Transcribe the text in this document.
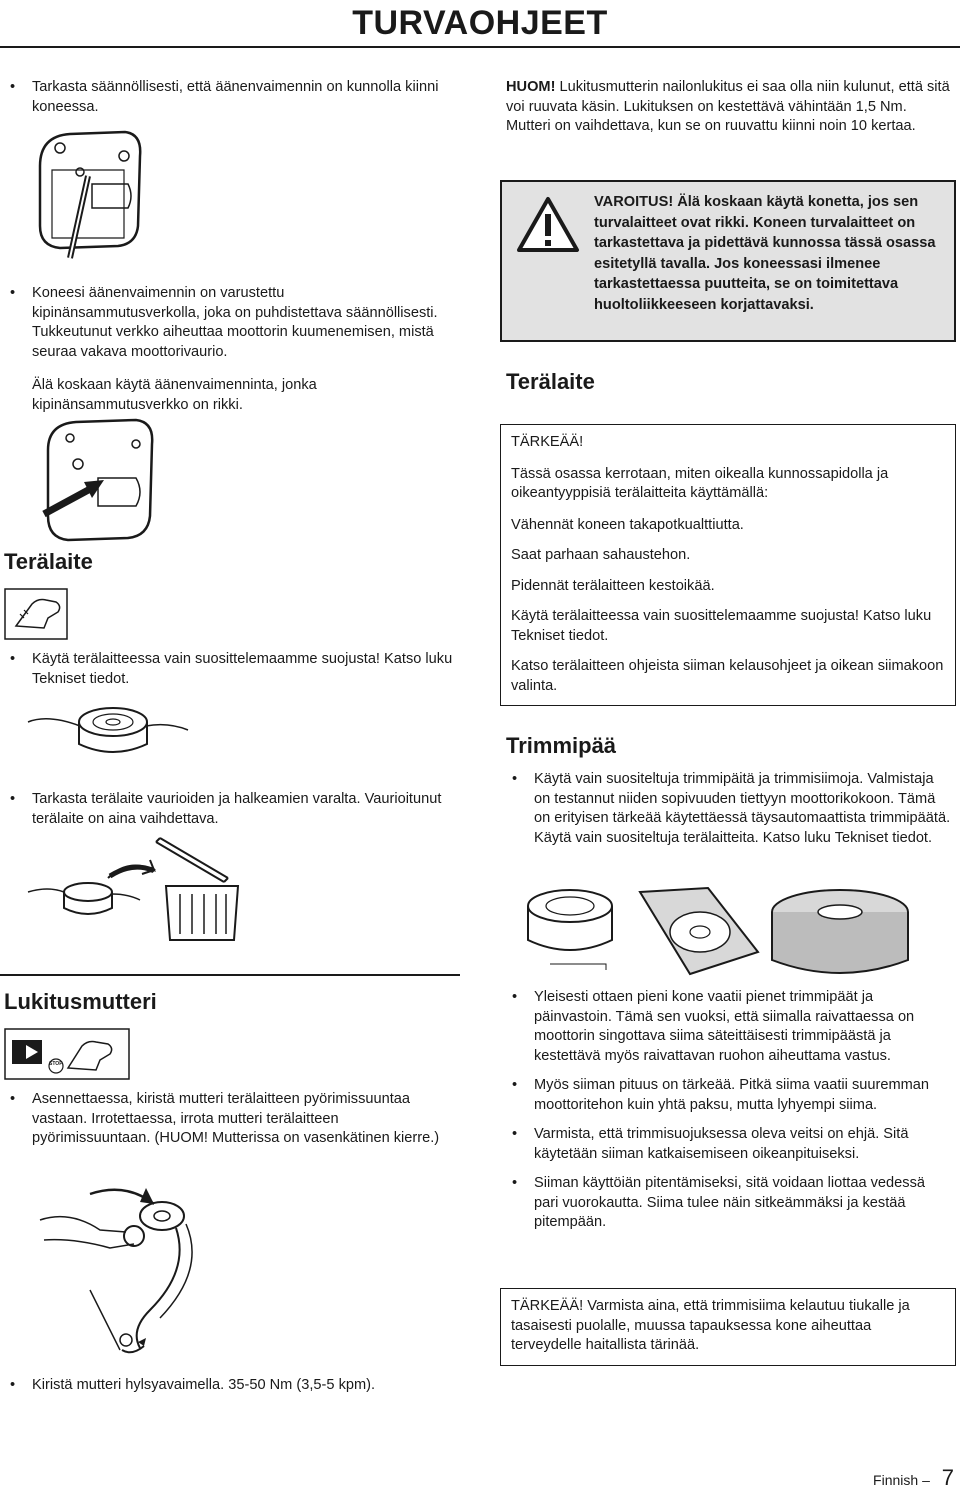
TURVAOHJEET

• Tarkasta säännöllisesti, että äänenvaimennin on kunnolla kiinni koneessa.

• Koneesi äänenvaimennin on varustettu kipinänsammutusverkolla, joka on puhdistettava säännöllisesti. Tukkeutunut verkko aiheuttaa moottorin kuumenemisen, mistä seuraa vakava moottorivaurio.

Älä koskaan käytä äänenvaimenninta, jonka kipinänsammutusverkko on rikki.
Terälaite

• Käytä terälaitteessa vain suosittelemaamme suojusta! Katso luku Tekniset tiedot.

• Tarkasta terälaite vaurioiden ja halkeamien varalta. Vaurioitunut terälaite on aina vaihdettava.

Lukitusmutteri
STOP

• Asennettaessa, kiristä mutteri terälaitteen pyörimissuuntaa vastaan. Irrotettaessa, irrota mutteri terälaitteen pyörimissuuntaan. (HUOM! Mutterissa on vasenkätinen kierre.)

• Kiristä mutteri hylsyavaimella. 35-50 Nm (3,5-5 kpm).

HUOM! Lukitusmutterin nailonlukitus ei saa olla niin kulunut, että sitä voi ruuvata käsin. Lukituksen on kestettävä vähintään 1,5 Nm. Mutteri on vaihdettava, kun se on ruuvattu kiinni noin 10 kertaa.
VAROITUS! Älä koskaan käytä konetta, jos sen turvalaitteet ovat rikki. Koneen turvalaitteet on tarkastettava ja pidettävä kunnossa tässä osassa esitetyllä tavalla. Jos koneessasi ilmenee tarkastettaessa puutteita, se on toimitettava huoltoliikkeeseen korjattavaksi.
Terälaite
TÄRKEÄÄ!
Tässä osassa kerrotaan, miten oikealla kunnossapidolla ja oikeantyyppisiä terälaitteita käyttämällä:
Vähennät koneen takapotkualttiutta.
Saat parhaan sahaustehon.
Pidennät terälaitteen kestoikää.
Käytä terälaitteessa vain suosittelemaamme suojusta! Katso luku Tekniset tiedot.
Katso terälaitteen ohjeista siiman kelausohjeet ja oikean siimakoon valinta.
Trimmipää

• Käytä vain suositeltuja trimmipäitä ja trimmisiimoja. Valmistaja on testannut niiden sopivuuden tiettyyn moottorikokoon. Tämä on erityisen tärkeää käytettäessä täysautomaattista trimmipäätä. Käytä vain suositeltuja terälaitteita. Katso luku Tekniset tiedot.

• Yleisesti ottaen pieni kone vaatii pienet trimmipäät ja päinvastoin. Tämä sen vuoksi, että siimalla raivattaessa on moottorin singottava siima säteittäisesti trimmipäästä ja kestettävä myös raivattavan ruohon aiheuttama vastus.

• Myös siiman pituus on tärkeää. Pitkä siima vaatii suuremman moottoritehon kuin yhtä paksu, mutta lyhyempi siima.

• Varmista, että trimmisuojuksessa oleva veitsi on ehjä. Sitä käytetään siiman katkaisemiseen oikeanpituiseksi.

• Siiman käyttöiän pitentämiseksi, sitä voidaan liottaa vedessä pari vuorokautta. Siima tulee näin sitkeämmäksi ja kestää pitempään.

TÄRKEÄÄ! Varmista aina, että trimmisiima kelautuu tiukalle ja tasaisesti puolalle, muussa tapauksessa kone aiheuttaa terveydelle haitallista tärinää.
Finnish – 7
